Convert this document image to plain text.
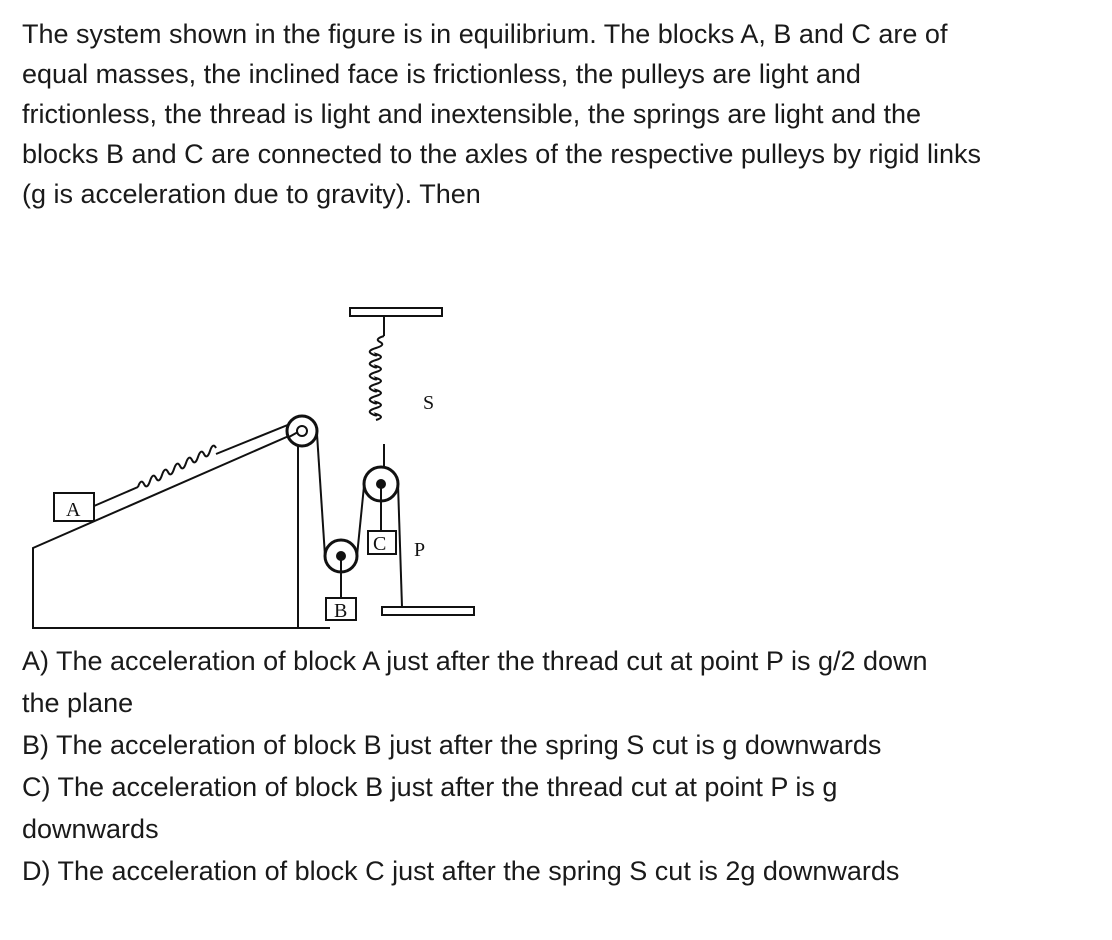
The system shown in the figure is in equilibrium. The blocks A, B and C are of
equal masses, the inclined face is frictionless, the pulleys are light and
frictionless, the thread is light and inextensible, the springs are light and the
blocks B and C are connected to the axles of the respective pulleys by rigid links
(g is acceleration due to gravity). Then
A
B
C
S
P
A) The acceleration of block A just after the thread cut at point P is g/2 down
the plane
B) The acceleration of block B just after the spring S cut is g downwards
C) The acceleration of block B just after the thread cut at point P is g
downwards
D) The acceleration of block C just after the spring S cut is 2g downwards
